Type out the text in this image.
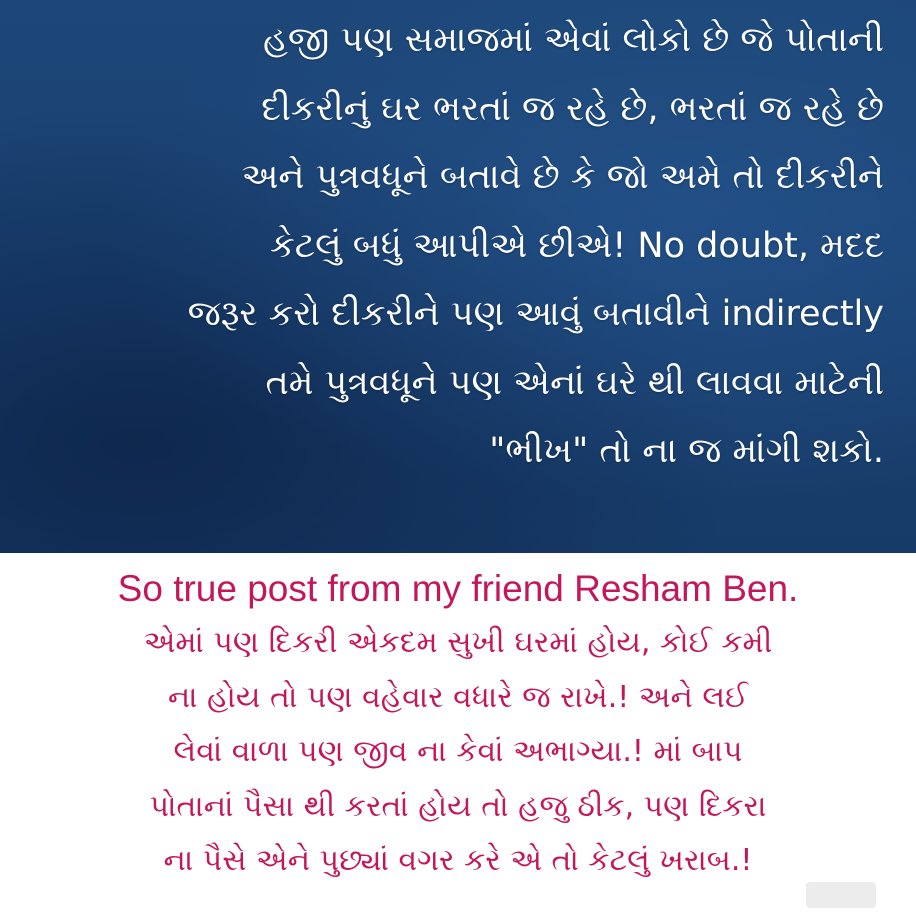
હજી પણ સમાજમાં એવાં લોકો છે જે પોતાની
દીકરીનું ઘર ભરતાં જ રહે છે, ભરતાં જ રહે છે
અને પુત્રવધૂને બતાવે છે કે જો અમે તો દીકરીને
કેટલું બધું આપીએ છીએ! No doubt, મદદ
જરૂર કરો દીકરીને પણ આવું બતાવીને indirectly
તમે પુત્રવધૂને પણ એનાં ઘરે થી લાવવા માટેની
"ભીખ" તો ના જ માંગી શકો.
So true post from my friend Resham Ben.
એમાં પણ દિકરી એકદમ સુખી ઘરમાં હોય, કોઈ કમી
ના હોય તો પણ વહેવાર વધારે જ રાખે.! અને લઈ
લેવાં વાળા પણ જીવ ના કેવાં અભાગ્યા.! માં બાપ
પોતાનાં પૈસા થી કરતાં હોય તો હજુ ઠીક, પણ દિકરા
ના પૈસે એને પુછ્યાં વગર કરે એ તો કેટલું ખરાબ.!
